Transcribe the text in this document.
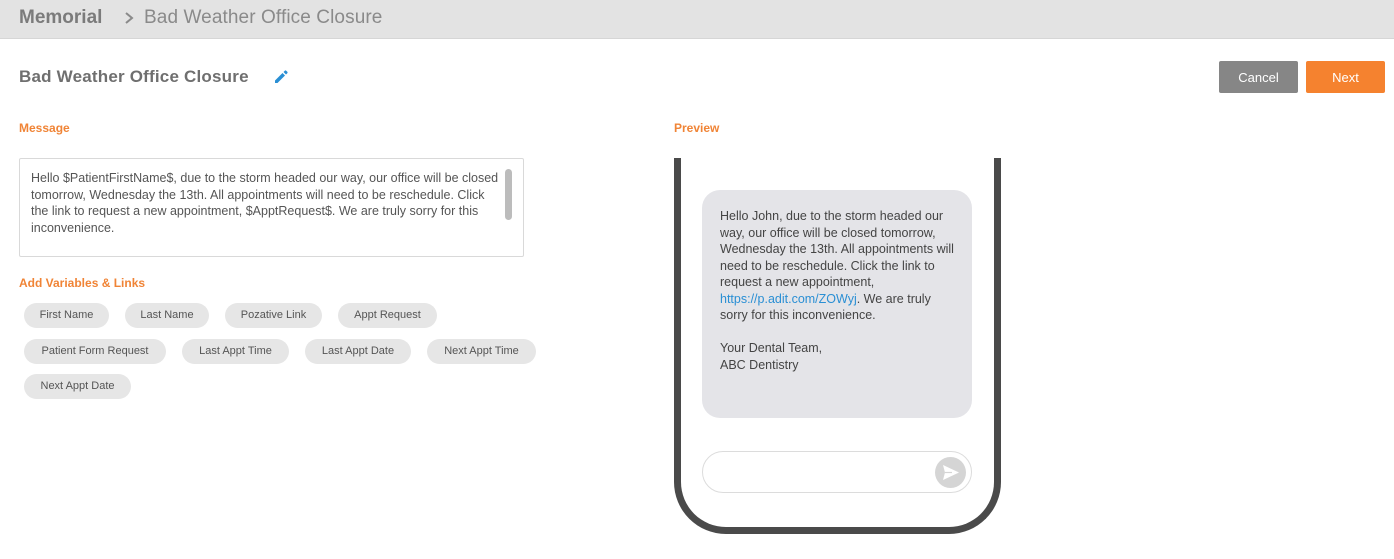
Memorial Bad Weather Office Closure
Bad Weather Office Closure	Cancel	Next
Message
Hello $PatientFirstName$, due to the storm headed our way, our office will be closed tomorrow, Wednesday the 13th. All appointments will need to be reschedule. Click the link to request a new appointment, $ApptRequest$. We are truly sorry for this inconvenience.
Add Variables & Links
First Name	Last Name	Pozative Link	Appt Request
Patient Form Request	Last Appt Time	Last Appt Date	Next Appt Time
Next Appt Date
Preview
Hello John, due to the storm headed our way, our office will be closed tomorrow, Wednesday the 13th. All appointments will need to be reschedule. Click the link to request a new appointment, https://p.adit.com/ZOWyj. We are truly sorry for this inconvenience.
Your Dental Team,
ABC Dentistry
